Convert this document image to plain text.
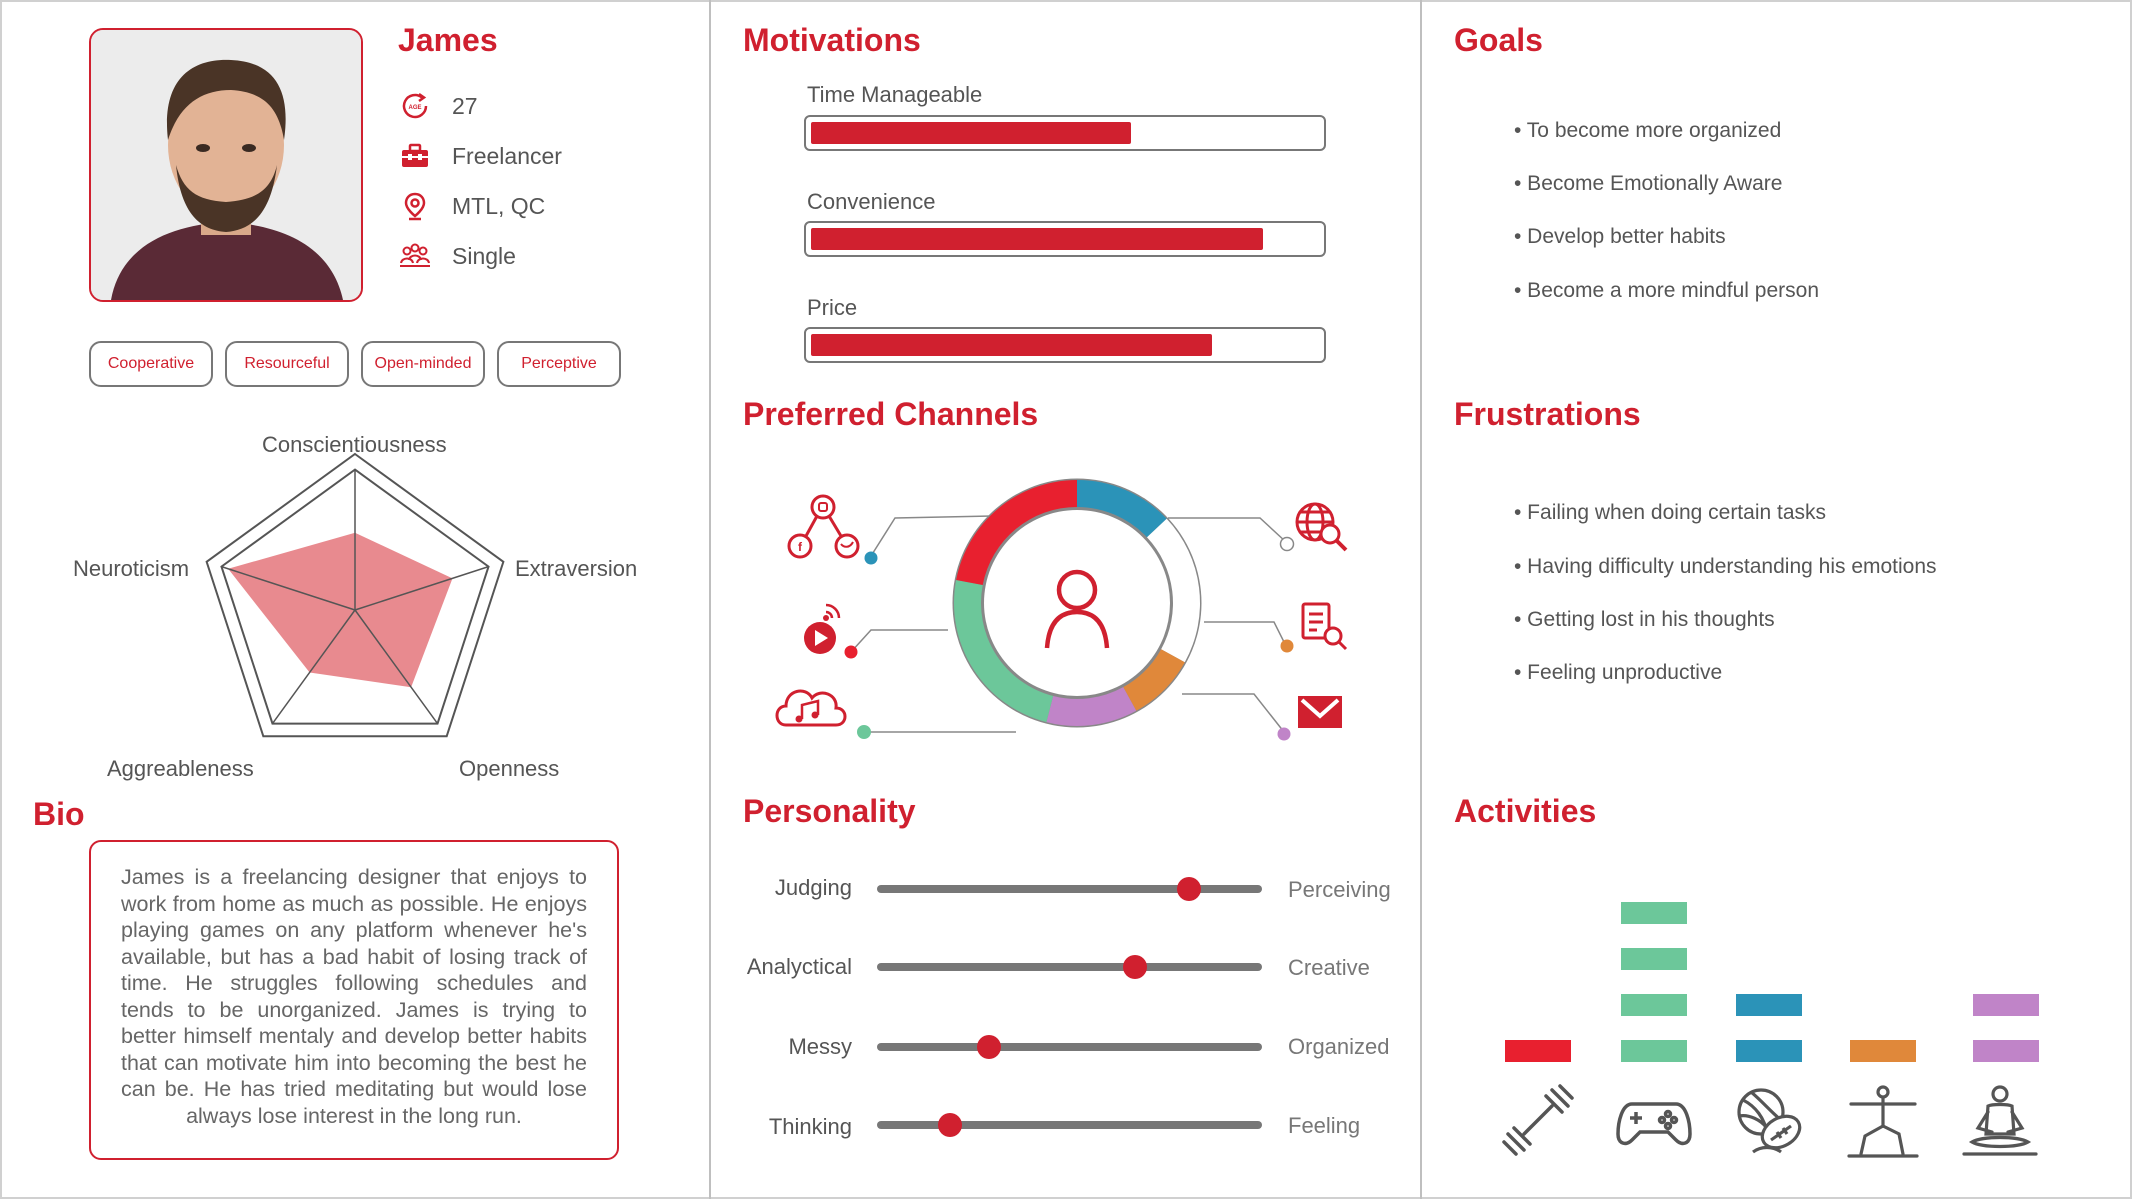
James
AGE 27
Freelancer
MTL, QC
Single
Cooperative	Resourceful	Open-minded	Perceptive
Conscientiousness
Extraversion
Openness
Aggreableness
Neuroticism
Bio
James is a freelancing designer that enjoys to work from home as much as possible. He enjoys playing games on any platform whenever he's available, but has a bad habit of losing track of time. He struggles following schedules and tends to be unorganized. James is trying to better himself mentaly and develop better habits that can motivate him into becoming the best he can be. He has tried meditating but would lose always lose interest in the long run.
Motivations
Time Manageable
Convenience
Price
Preferred Channels
f
Personality
Judging	Perceiving
Analyctical	Creative
Messy	Organized
Thinking	Feeling
Goals
• To become more organized
• Become Emotionally Aware
• Develop better habits
• Become a more mindful person
Frustrations
• Failing when doing certain tasks
• Having difficulty understanding his emotions
• Getting lost in his thoughts
• Feeling unproductive
Activities
